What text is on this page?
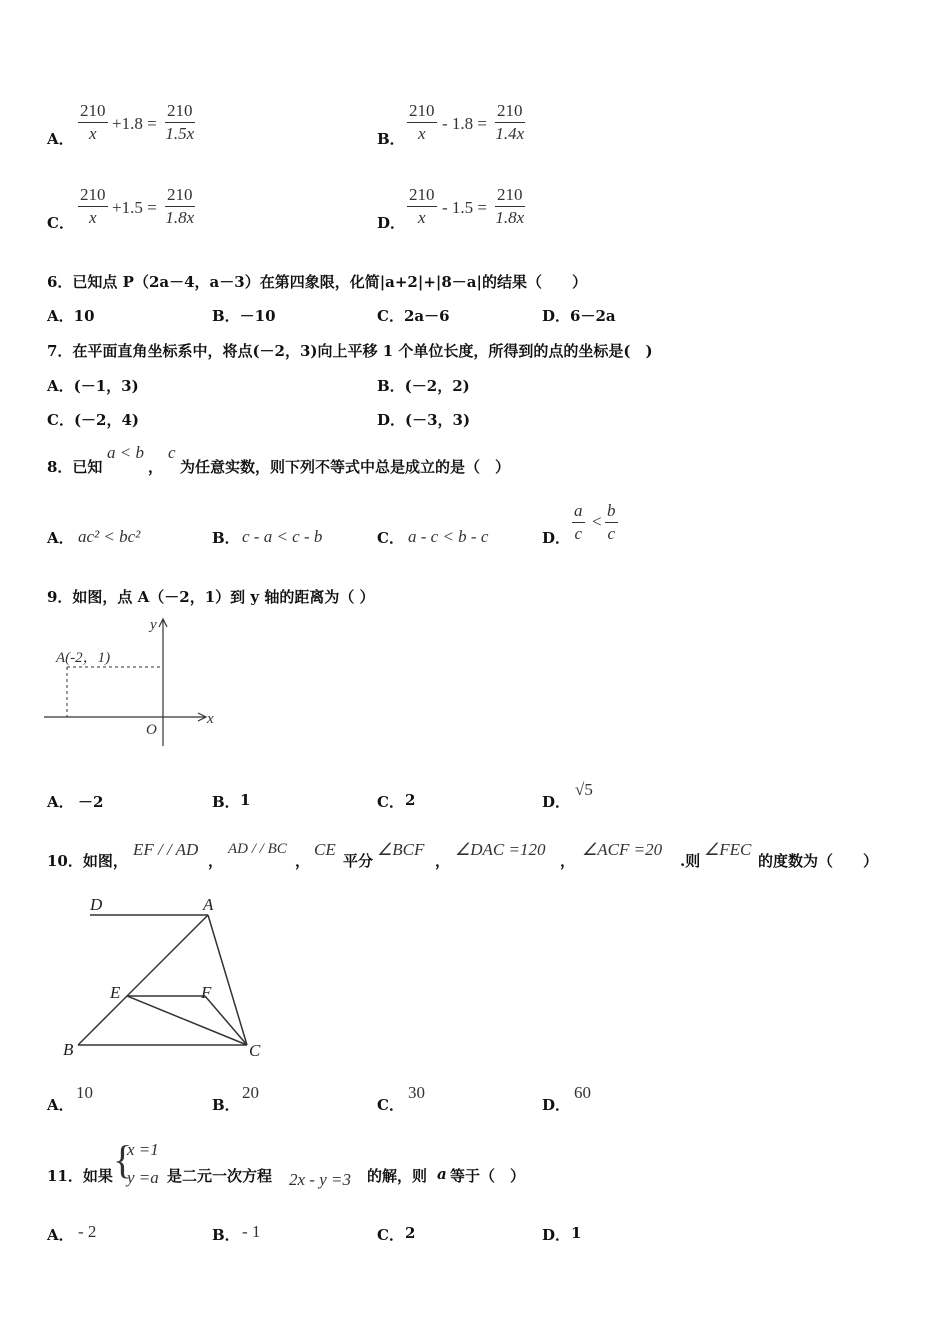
A． $\frac{210}{x} +1.8 = \frac{210}{1.5x}$	B． $\frac{210}{x} - 1.8 = \frac{210}{1.4x}$
C． $\frac{210}{x} +1.5 = \frac{210}{1.8x}$	D． $\frac{210}{x} - 1.5 = \frac{210}{1.8x}$
6．已知点 P（2a－4，a－3）在第四象限，化简|a+2|+|8－a|的结果（　　）
A．10	B．－10	C．2a－6	D．6－2a
7．在平面直角坐标系中，将点(－2，3)向上平移 1 个单位长度，所得到的点的坐标是(　)
A．(－1，3)	B．(－2，2)
C．(－2，4)	D．(－3，3)
8．已知
a < b
，
c
为任意实数，则下列不等式中总是成立的是（　）
A． ac² < bc²	B． c - a < c - b	C． a - c < b - c	D． $\frac{a}{c} < \frac{b}{c}$
9．如图，点 A（－2，1）到 y 轴的距离为（ ）
A(-2，1)
x
y
O
A． －2	B． 1	C． 2	D．
√5
10．如图，
EF / / AD
，
AD / / BC
，
CE
平分
∠BCF
，
∠DAC =120
，
∠ACF =20
.则
∠FEC
的度数为（　　）
D	A
E	F
B	C
A．
10
B．
20
C．
30
D．
60
11．如果 {
x =1
y =a 是二元一次方程 2x - y =3 的解，则 a 等于（　）
A． - 2	B． - 1	C． 2	D． 1
